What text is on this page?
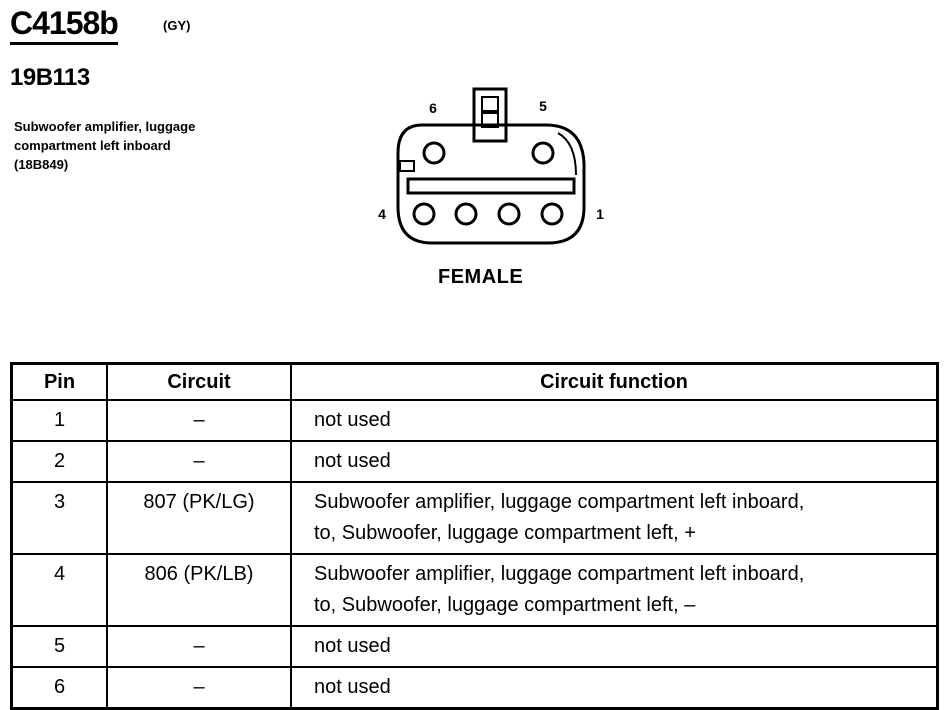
C4158b	(GY)
19B113
Subwoofer amplifier, luggage
compartment left inboard
(18B849)
6	5
4	1
FEMALE
Pin	Circuit	Circuit function
1	–	not used

2	–	not used

3	807 (PK/LG)	Subwoofer amplifier, luggage compartment left inboard,
to, Subwoofer, luggage compartment left, +

4	806 (PK/LB)	Subwoofer amplifier, luggage compartment left inboard,
to, Subwoofer, luggage compartment left, –

5	–	not used

6	–	not used
